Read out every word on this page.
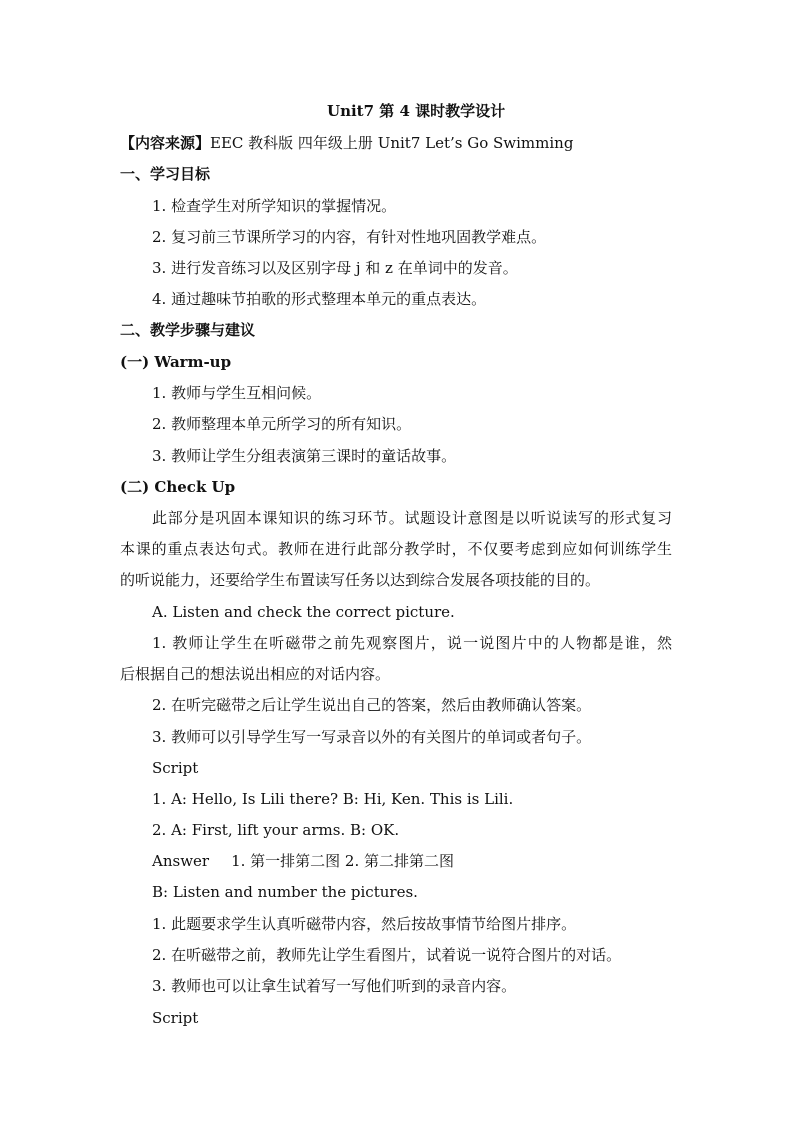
Unit7 第 4 课时教学设计
【内容来源】EEC 教科版 四年级上册 Unit7 Let’s Go Swimming
一、学习目标
1. 检查学生对所学知识的掌握情况。
2. 复习前三节课所学习的内容，有针对性地巩固教学难点。
3. 进行发音练习以及区别字母 j 和 z 在单词中的发音。
4. 通过趣味节拍歌的形式整理本单元的重点表达。
二、教学步骤与建议
(一) Warm-up
1. 教师与学生互相问候。
2. 教师整理本单元所学习的所有知识。
3. 教师让学生分组表演第三课时的童话故事。
(二) Check Up
此部分是巩固本课知识的练习环节。试题设计意图是以听说读写的形式复习
本课的重点表达句式。教师在进行此部分教学时，不仅要考虑到应如何训练学生
的听说能力，还要给学生布置读写任务以达到综合发展各项技能的目的。
A. Listen and check the correct picture.
1. 教师让学生在听磁带之前先观察图片，说一说图片中的人物都是谁，然
后根据自己的想法说出相应的对话内容。
2. 在听完磁带之后让学生说出自己的答案，然后由教师确认答案。
3. 教师可以引导学生写一写录音以外的有关图片的单词或者句子。
Script
1. A: Hello, Is Lili there? B: Hi, Ken. This is Lili.
2. A: First, lift your arms. B: OK.
Answer 1. 第一排第二图 2. 第二排第二图
B: Listen and number the pictures.
1. 此题要求学生认真听磁带内容，然后按故事情节给图片排序。
2. 在听磁带之前，教师先让学生看图片，试着说一说符合图片的对话。
3. 教师也可以让拿生试着写一写他们听到的录音内容。
Script
